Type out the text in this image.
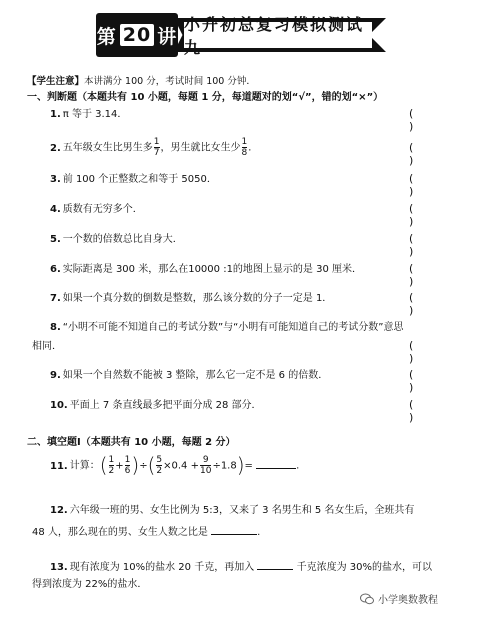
第 20 讲
小升初总复习模拟测试九
【学生注意】本讲满分 100 分，考试时间 100 分钟．
一、判断题（本题共有 10 小题，每题 1 分，每道题对的划“√”，错的划“×”）
1. π 等于 3.14．	( )
2. 五年级女生比男生多 $\frac{1}{7}$ ，男生就比女生少 $\frac{1}{8}$ ．	( )
3. 前 100 个正整数之和等于 5050．	( )
4. 质数有无穷多个．	( )
5. 一个数的倍数总比自身大．	( )
6. 实际距离是 300 米，那么在10000 :1的地图上显示的是 30 厘米．	( )
7. 如果一个真分数的倒数是整数，那么该分数的分子一定是 1．	( )
8. “小明不可能不知道自己的考试分数”与“小明有可能知道自己的考试分数”意思
相同．	( )
9. 如果一个自然数不能被 3 整除，那么它一定不是 6 的倍数．	( )
10. 平面上 7 条直线最多把平面分成 28 部分．	( )
二、填空题Ⅰ（本题共有 10 小题，每题 2 分）
11. 计算：( $\frac{1}{2} + \frac{1}{6}$ )÷( $\frac{5}{2} \times 0.4 + \frac{9}{10} \div 1.8)=$	.
12. 六年级一班的男、女生比例为 5:3，又来了 3 名男生和 5 名女生后，全班共有
48 人，那么现在的男、女生人数之比是	.
13. 现有浓度为 10%的盐水 20 千克，再加入	千克浓度为 30%的盐水，可以
得到浓度为 22%的盐水．
小学奥数教程
